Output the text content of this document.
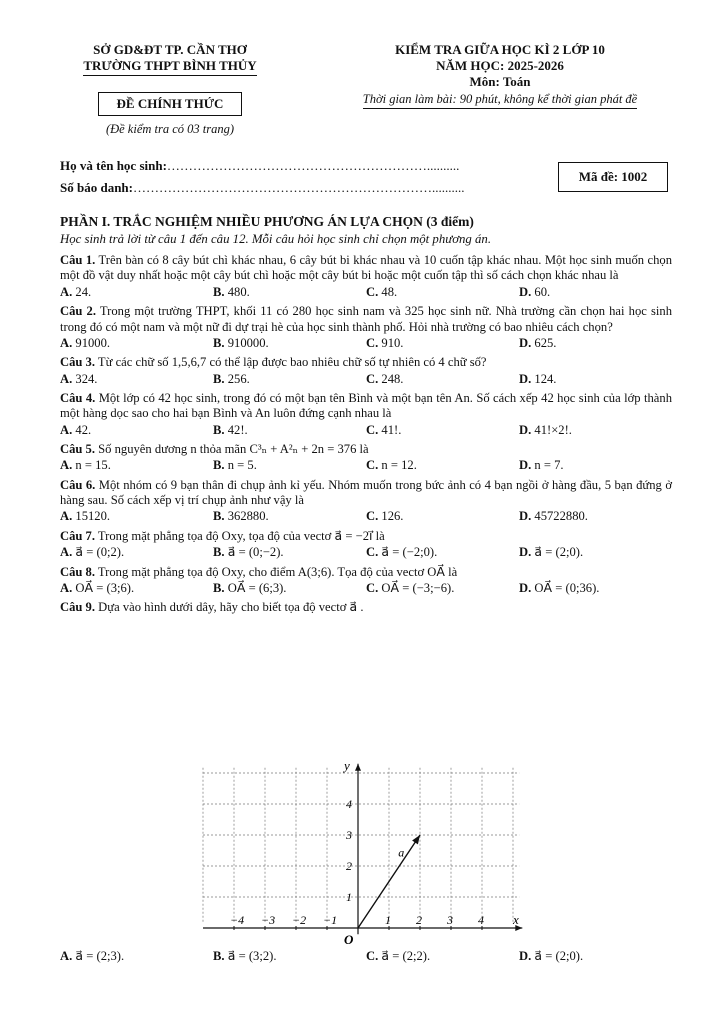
SỞ GD&ĐT TP. CẦN THƠ
TRƯỜNG THPT BÌNH THỦY
ĐỀ CHÍNH THỨC
(Đề kiểm tra có 03 trang)
KIỂM TRA GIỮA HỌC KÌ 2 LỚP 10
NĂM HỌC: 2025-2026
Môn: Toán
Thời gian làm bài: 90 phút, không kể thời gian phát đề
Họ và tên học sinh:……………………………………………………..........
Số báo danh:……………………………………………………………..........
Mã đề: 1002
PHẦN I. TRẮC NGHIỆM NHIỀU PHƯƠNG ÁN LỰA CHỌN (3 điểm)
Học sinh trả lời từ câu 1 đến câu 12. Mỗi câu hỏi học sinh chỉ chọn một phương án.
Câu 1. Trên bàn có 8 cây bút chì khác nhau, 6 cây bút bi khác nhau và 10 cuốn tập khác nhau. Một học sinh muốn chọn một đồ vật duy nhất hoặc một cây bút chì hoặc một cây bút bi hoặc một cuốn tập thì số cách chọn khác nhau là
A. 24.	B. 480.	C. 48.	D. 60.
Câu 2. Trong một trường THPT, khối 11 có 280 học sinh nam và 325 học sinh nữ. Nhà trường cần chọn hai học sinh trong đó có một nam và một nữ đi dự trại hè của học sinh thành phố. Hỏi nhà trường có bao nhiêu cách chọn?
A. 91000.	B. 910000.	C. 910.	D. 625.
Câu 3. Từ các chữ số 1,5,6,7 có thể lập được bao nhiêu chữ số tự nhiên có 4 chữ số?
A. 324.	B. 256.	C. 248.	D. 124.
Câu 4. Một lớp có 42 học sinh, trong đó có một bạn tên Bình và một bạn tên An. Số cách xếp 42 học sinh của lớp thành một hàng dọc sao cho hai bạn Bình và An luôn đứng cạnh nhau là
A. 42.	B. 42!.	C. 41!.	D. 41!×2!.
Câu 5. Số nguyên dương n thỏa mãn C³ₙ + A²ₙ + 2n = 376 là
A. n = 15.	B. n = 5.	C. n = 12.	D. n = 7.
Câu 6. Một nhóm có 9 bạn thân đi chụp ảnh kỉ yếu. Nhóm muốn trong bức ảnh có 4 bạn ngồi ở hàng đầu, 5 bạn đứng ở hàng sau. Số cách xếp vị trí chụp ảnh như vậy là
A. 15120.	B. 362880.	C. 126.	D. 45722880.
Câu 7. Trong mặt phẳng tọa độ Oxy, tọa độ của vectơ a⃗ = −2i⃗ là
A. a⃗ = (0;2).	B. a⃗ = (0;−2).	C. a⃗ = (−2;0).	D. a⃗ = (2;0).
Câu 8. Trong mặt phẳng tọa độ Oxy, cho điểm A(3;6). Tọa độ của vectơ OA⃗ là
A. OA⃗ = (3;6).	B. OA⃗ = (6;3).	C. OA⃗ = (−3;−6).	D. OA⃗ = (0;36).
Câu 9. Dựa vào hình dưới dây, hãy cho biết tọa độ vectơ a⃗ .
−4 −3 −2 −1	1 2 3 4
1
2
3
4
x
y
O
a⃗
A. a⃗ = (2;3).	B. a⃗ = (3;2).	C. a⃗ = (2;2).	D. a⃗ = (2;0).
